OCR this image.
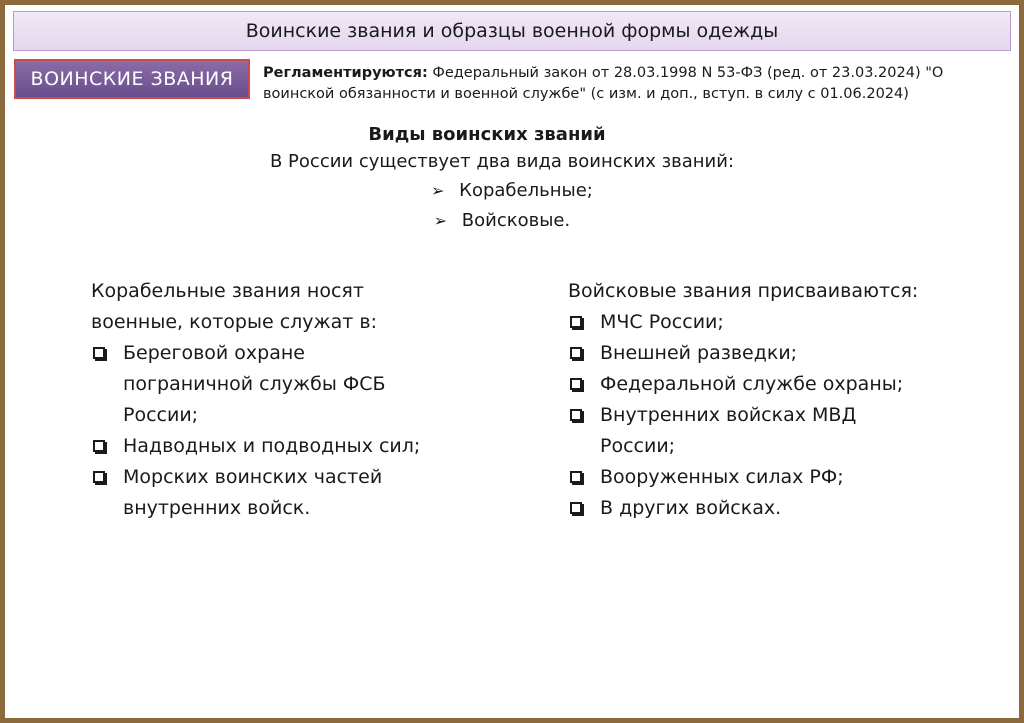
Воинские звания и образцы военной формы одежды
ВОИНСКИЕ ЗВАНИЯ Регламентируются: Федеральный закон от 28.03.1998 N 53-ФЗ (ред. от 23.03.2024) "О воинской обязанности и военной службе" (с изм. и доп., вступ. в силу с 01.06.2024)
Виды воинских званий
В России существует два вида воинских званий:
➢ Корабельные;
➢ Войсковые.

Корабельные звания носят военные, которые служат в:

Береговой охране пограничной службы ФСБ России;
Надводных и подводных сил;
Морских воинских частей внутренних войск.

Войсковые звания присваиваются:

МЧС России;
Внешней разведки;
Федеральной службе охраны;
Внутренних войсках МВД России;
Вооруженных силах РФ;
В других войсках.
